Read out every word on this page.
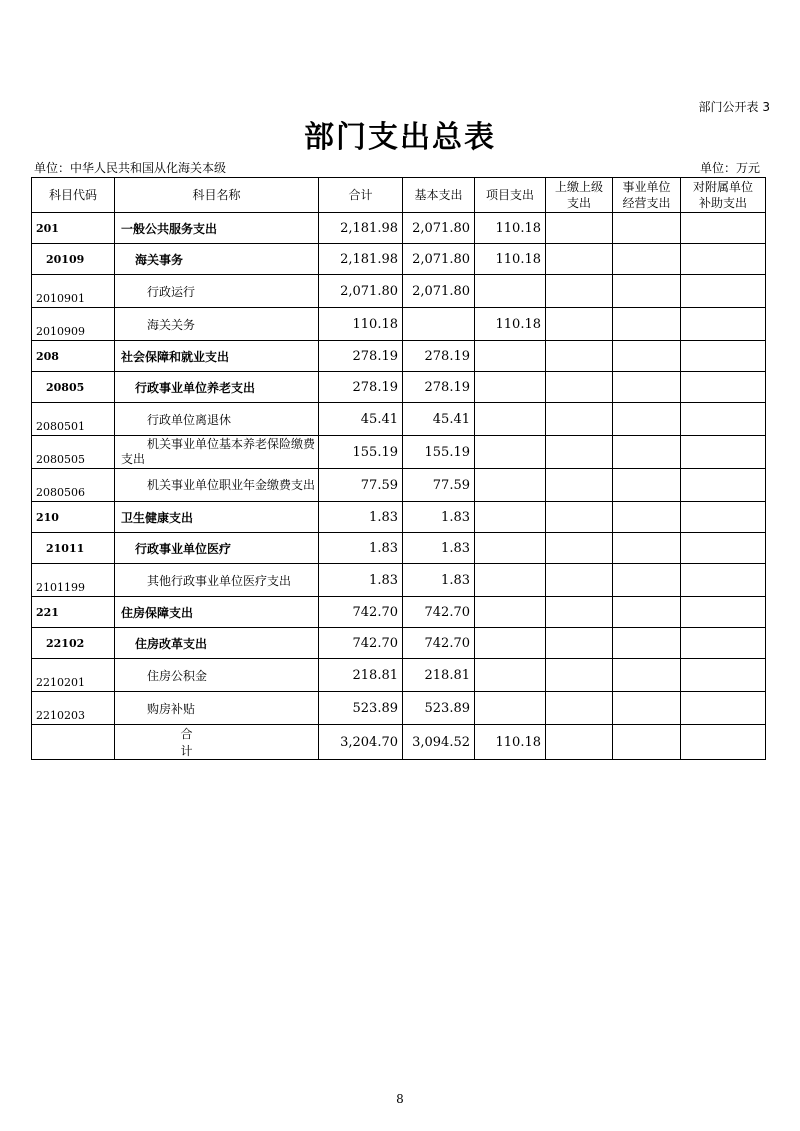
部门公开表 3
部门支出总表
单位：中华人民共和国从化海关本级	单位：万元
科目代码	科目名称	合计	基本支出	项目支出	上缴上级支出	事业单位经营支出	对附属单位补助支出
201	一般公共服务支出	2,181.98	2,071.80	110.18			
20109	海关事务	2,181.98	2,071.80	110.18			
2010901	行政运行	2,071.80	2,071.80				
2010909	海关关务	110.18		110.18			
208	社会保障和就业支出	278.19	278.19				
20805	行政事业单位养老支出	278.19	278.19				
2080501	行政单位离退休	45.41	45.41				
2080505	机关事业单位基本养老保险缴费支出	155.19	155.19				
2080506	机关事业单位职业年金缴费支出	77.59	77.59				
210	卫生健康支出	1.83	1.83				
21011	行政事业单位医疗	1.83	1.83				
2101199	其他行政事业单位医疗支出	1.83	1.83				
221	住房保障支出	742.70	742.70				
22102	住房改革支出	742.70	742.70				
2210201	住房公积金	218.81	218.81				
2210203	购房补贴	523.89	523.89				
	合 计	3,204.70	3,094.52	110.18			
8
